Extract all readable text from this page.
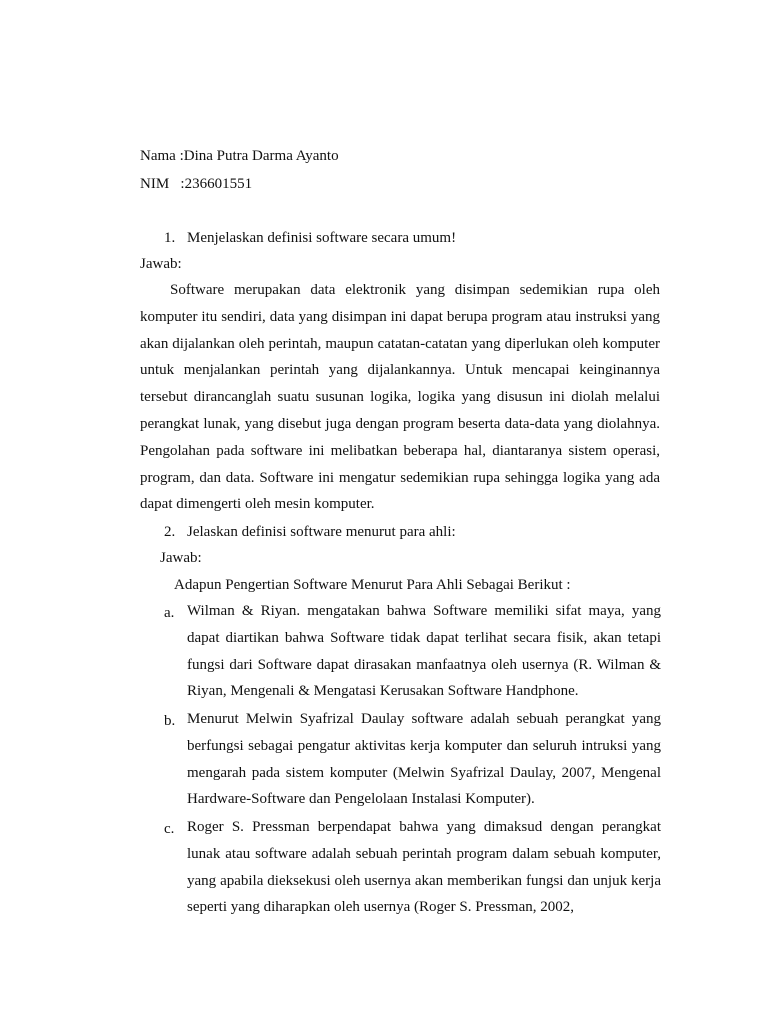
Nama :Dina Putra Darma Ayanto
NIM   :236601551
1. Menjelaskan definisi software secara umum!
Jawab:
Software merupakan data elektronik yang disimpan sedemikian rupa oleh komputer itu sendiri, data yang disimpan ini dapat berupa program atau instruksi yang akan dijalankan oleh perintah, maupun catatan-catatan yang diperlukan oleh komputer untuk menjalankan perintah yang dijalankannya. Untuk mencapai keinginannya tersebut dirancanglah suatu susunan logika, logika yang disusun ini diolah melalui perangkat lunak, yang disebut juga dengan program beserta data-data yang diolahnya. Pengolahan pada software ini melibatkan beberapa hal, diantaranya sistem operasi, program, dan data. Software ini mengatur sedemikian rupa sehingga logika yang ada dapat dimengerti oleh mesin komputer.
2. Jelaskan definisi software menurut para ahli:
Jawab:
Adapun Pengertian Software Menurut Para Ahli Sebagai Berikut :
a. Wilman & Riyan. mengatakan bahwa Software memiliki sifat maya, yang dapat diartikan bahwa Software tidak dapat terlihat secara fisik, akan tetapi fungsi dari Software dapat dirasakan manfaatnya oleh usernya (R. Wilman & Riyan, Mengenali & Mengatasi Kerusakan Software Handphone.
b. Menurut Melwin Syafrizal Daulay software adalah sebuah perangkat yang berfungsi sebagai pengatur aktivitas kerja komputer dan seluruh intruksi yang mengarah pada sistem komputer (Melwin Syafrizal Daulay, 2007, Mengenal Hardware-Software dan Pengelolaan Instalasi Komputer).
c. Roger S. Pressman berpendapat bahwa yang dimaksud dengan perangkat lunak atau software adalah sebuah perintah program dalam sebuah komputer, yang apabila dieksekusi oleh usernya akan memberikan fungsi dan unjuk kerja seperti yang diharapkan oleh usernya (Roger S. Pressman, 2002,
